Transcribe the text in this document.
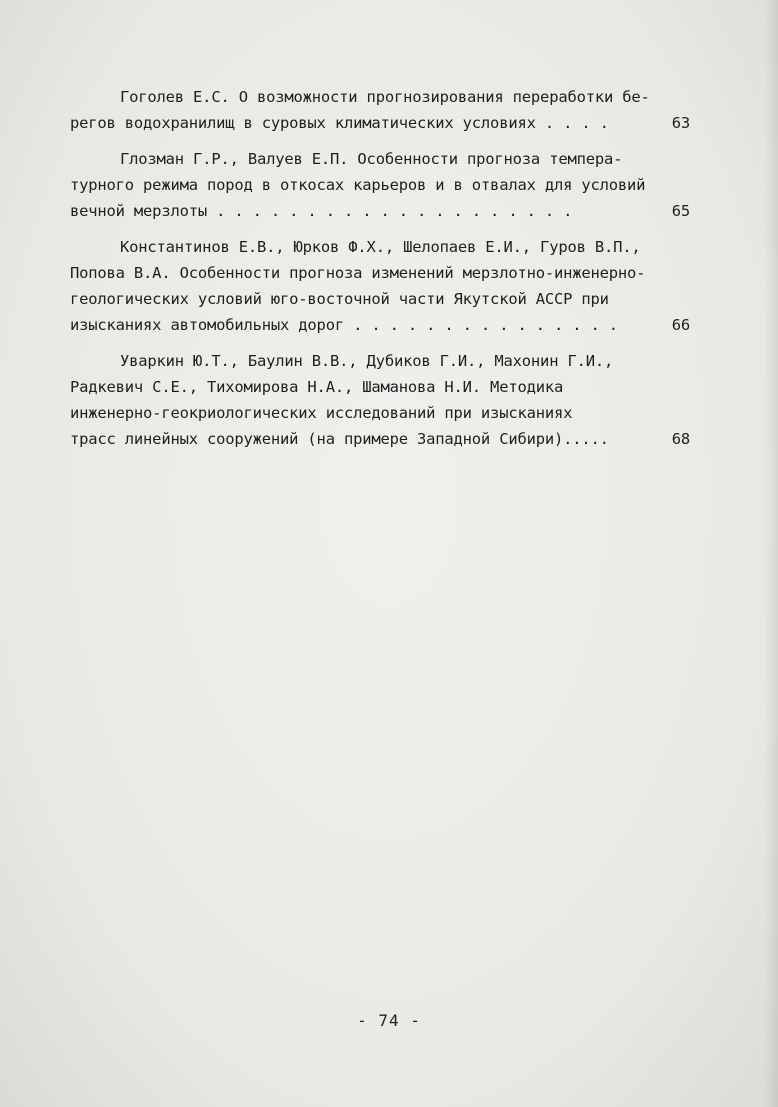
Гоголев Е.С. О возможности прогнозирования переработки бе-
регов водохранилищ в суровых климатических условиях . . . .	63
Глозман Г.Р., Валуев Е.П. Особенности прогноза темпера-
турного режима пород в откосах карьеров и в отвалах для условий
вечной мерзлоты . . . . . . . . . . . . . . . . . . . .	65
Константинов Е.В., Юрков Ф.Х., Шелопаев Е.И., Гуров В.П.,
Попова В.А. Особенности прогноза изменений мерзлотно-инженерно-
геологических условий юго-восточной части Якутской АССР при
изысканиях автомобильных дорог . . . . . . . . . . . . . . .	66
Уваркин Ю.Т., Баулин В.В., Дубиков Г.И., Махонин Г.И.,
Радкевич С.Е., Тихомирова Н.А., Шаманова Н.И. Методика
инженерно-геокриологических исследований при изысканиях
трасс линейных сооружений (на примере Западной Сибири).....	68
- 74 -
